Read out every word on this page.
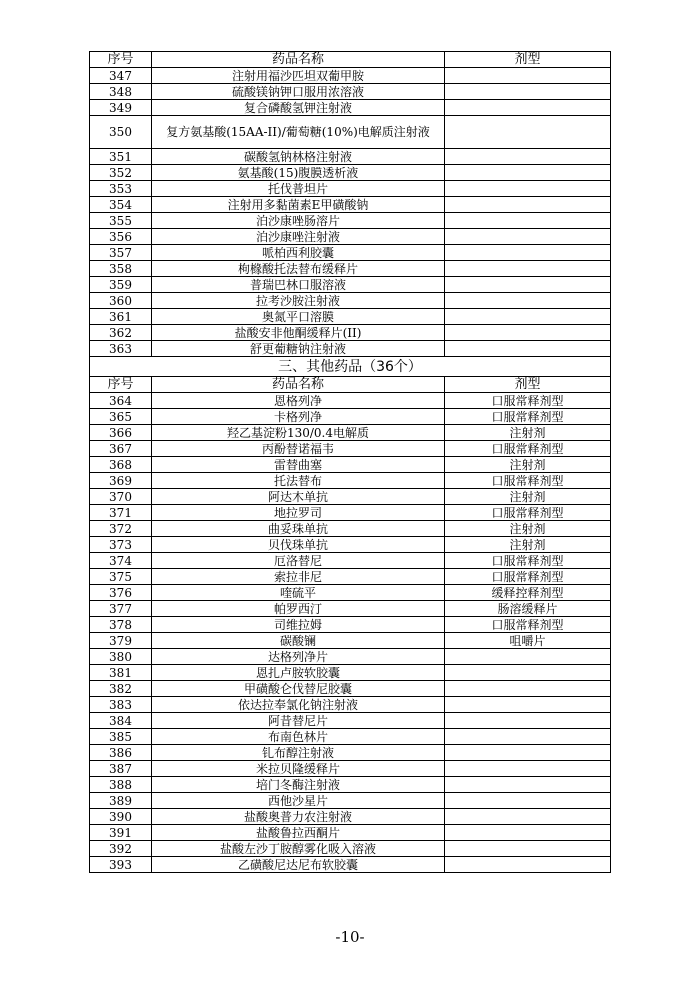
序号	药品名称	剂型
347	注射用福沙匹坦双葡甲胺	
348	硫酸镁钠钾口服用浓溶液	
349	复合磷酸氢钾注射液	
350	复方氨基酸(15AA-II)/葡萄糖(10%)电解质注射液	
351	碳酸氢钠林格注射液	
352	氨基酸(15)腹膜透析液	
353	托伐普坦片	
354	注射用多黏菌素E甲磺酸钠	
355	泊沙康唑肠溶片	
356	泊沙康唑注射液	
357	哌柏西利胶囊	
358	枸橼酸托法替布缓释片	
359	普瑞巴林口服溶液	
360	拉考沙胺注射液	
361	奥氮平口溶膜	
362	盐酸安非他酮缓释片(II)	
363	舒更葡糖钠注射液	
三、其他药品（36个）		
序号	药品名称	剂型
364	恩格列净	口服常释剂型
365	卡格列净	口服常释剂型
366	羟乙基淀粉130/0.4电解质	注射剂
367	丙酚替诺福韦	口服常释剂型
368	雷替曲塞	注射剂
369	托法替布	口服常释剂型
370	阿达木单抗	注射剂
371	地拉罗司	口服常释剂型
372	曲妥珠单抗	注射剂
373	贝伐珠单抗	注射剂
374	厄洛替尼	口服常释剂型
375	索拉非尼	口服常释剂型
376	喹硫平	缓释控释剂型
377	帕罗西汀	肠溶缓释片
378	司维拉姆	口服常释剂型
379	碳酸镧	咀嚼片
380	达格列净片	
381	恩扎卢胺软胶囊	
382	甲磺酸仑伐替尼胶囊	
383	依达拉奉氯化钠注射液	
384	阿昔替尼片	
385	布南色林片	
386	钆布醇注射液	
387	米拉贝隆缓释片	
388	培门冬酶注射液	
389	西他沙星片	
390	盐酸奥普力农注射液	
391	盐酸鲁拉西酮片	
392	盐酸左沙丁胺醇雾化吸入溶液	
393	乙磺酸尼达尼布软胶囊	
-10-
